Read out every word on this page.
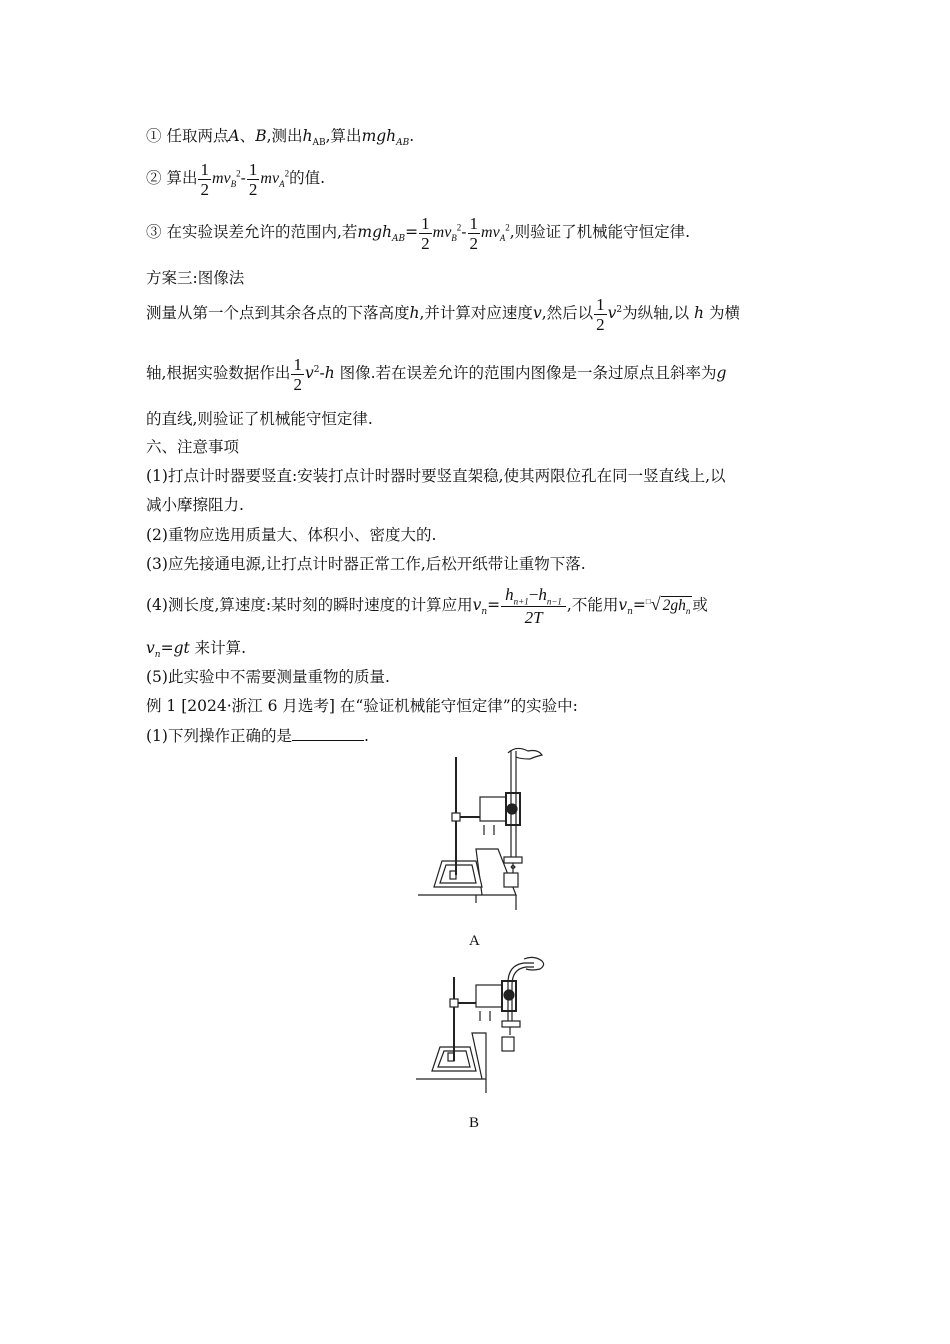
① 任取两点A、B,测出$h_{AB}$,算出mgh$_{AB}$.
② 算出 $\frac{1}{2} mv_B^2- \frac{1}{2} mv_A^2$的值.
③ 在实验误差允许的范围内,若$mgh_{AB}= \frac{1}{2} mv_B^2- \frac{1}{2} mv_A^2$,则验证了机械能守恒定律.
方案三:图像法
测量从第一个点到其余各点的下落高度h,并计算对应速度v,然后以 $\frac{1}{2} v^2$为纵轴,以 h 为横
轴,根据实验数据作出 $\frac{1}{2} v^2-h$ 图像.若在误差允许的范围内图像是一条过原点且斜率为g
的直线,则验证了机械能守恒定律.
六、注意事项
(1)打点计时器要竖直:安装打点计时器时要竖直架稳,使其两限位孔在同一竖直线上,以
减小摩擦阻力.
(2)重物应选用质量大、体积小、密度大的.
(3)应先接通电源,让打点计时器正常工作,后松开纸带让重物下落.
(4)测长度,算速度:某时刻的瞬时速度的计算应用$v_n= \frac{h_{n+1}-h_{n-1}}{2T}$ ,不能用$v_n=^□√$ $2gh_n$ 或
$v_n=gt$ 来计算.
(5)此实验中不需要测量重物的质量.
例 1 [2024·浙江 6 月选考] 在“验证机械能守恒定律”的实验中:
(1)下列操作正确的是	.
A
B
